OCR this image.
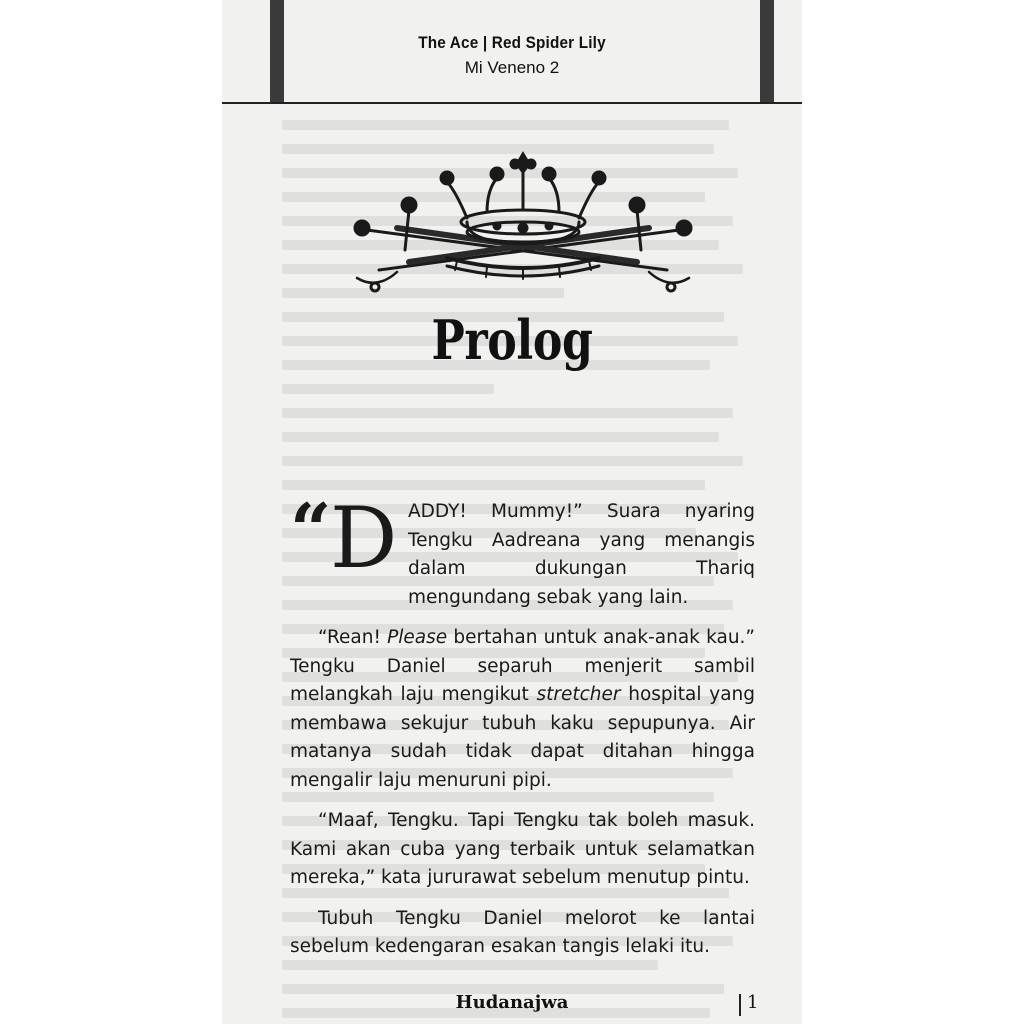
The Ace | Red Spider Lily
Mi Veneno 2
Prolog
“
D ADDY! Mummy!” Suara nyaring Tengku Aadreana yang menangis dalam dukungan Thariq mengundang sebak yang lain.
“Rean! Please bertahan untuk anak-anak kau.” Tengku Daniel separuh menjerit sambil melangkah laju mengikut stretcher hospital yang membawa sekujur tubuh kaku sepupunya. Air matanya sudah tidak dapat ditahan hingga mengalir laju menuruni pipi.
“Maaf, Tengku. Tapi Tengku tak boleh masuk. Kami akan cuba yang terbaik untuk selamatkan mereka,” kata jururawat sebelum menutup pintu.
Tubuh Tengku Daniel melorot ke lantai sebelum kedengaran esakan tangis lelaki itu.
Hudanajwa	1
